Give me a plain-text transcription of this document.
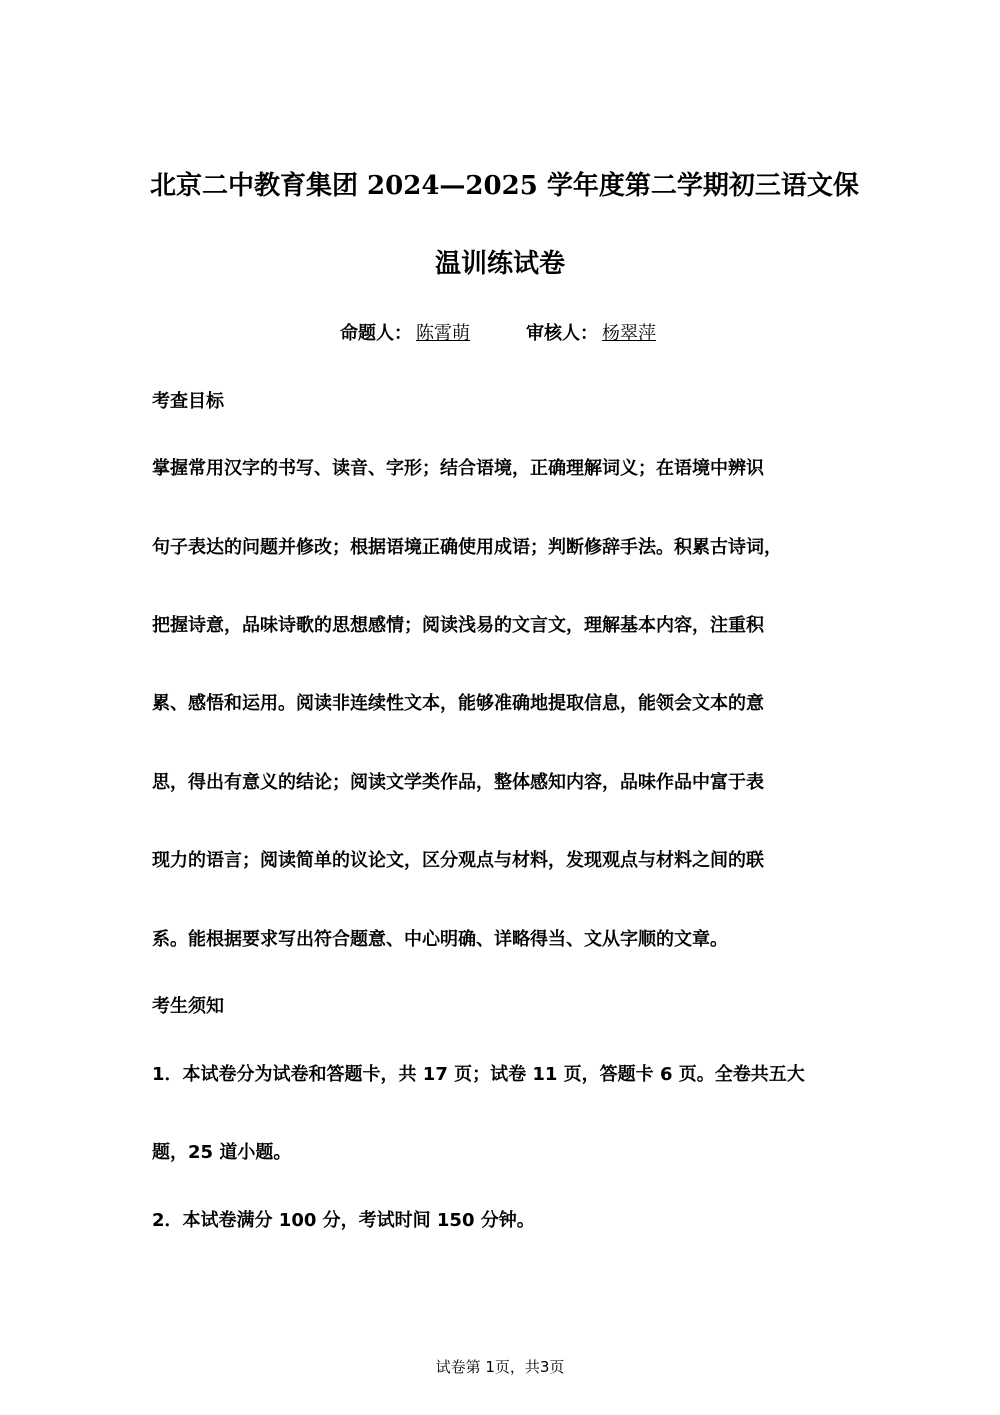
北京二中教育集团 2024—2025 学年度第二学期初三语文保
温训练试卷
命题人： 陈霄萌	审核人： 杨翠萍
考查目标
掌握常用汉字的书写、读音、字形；结合语境，正确理解词义；在语境中辨识
句子表达的问题并修改；根据语境正确使用成语；判断修辞手法。积累古诗词，
把握诗意，品味诗歌的思想感情；阅读浅易的文言文，理解基本内容，注重积
累、感悟和运用。阅读非连续性文本，能够准确地提取信息，能领会文本的意
思，得出有意义的结论；阅读文学类作品，整体感知内容，品味作品中富于表
现力的语言；阅读简单的议论文，区分观点与材料，发现观点与材料之间的联
系。能根据要求写出符合题意、中心明确、详略得当、文从字顺的文章。
考生须知
1．本试卷分为试卷和答题卡，共 17 页；试卷 11 页，答题卡 6 页。全卷共五大
题，25 道小题。
2．本试卷满分 100 分，考试时间 150 分钟。
试卷第 1页，共3页
